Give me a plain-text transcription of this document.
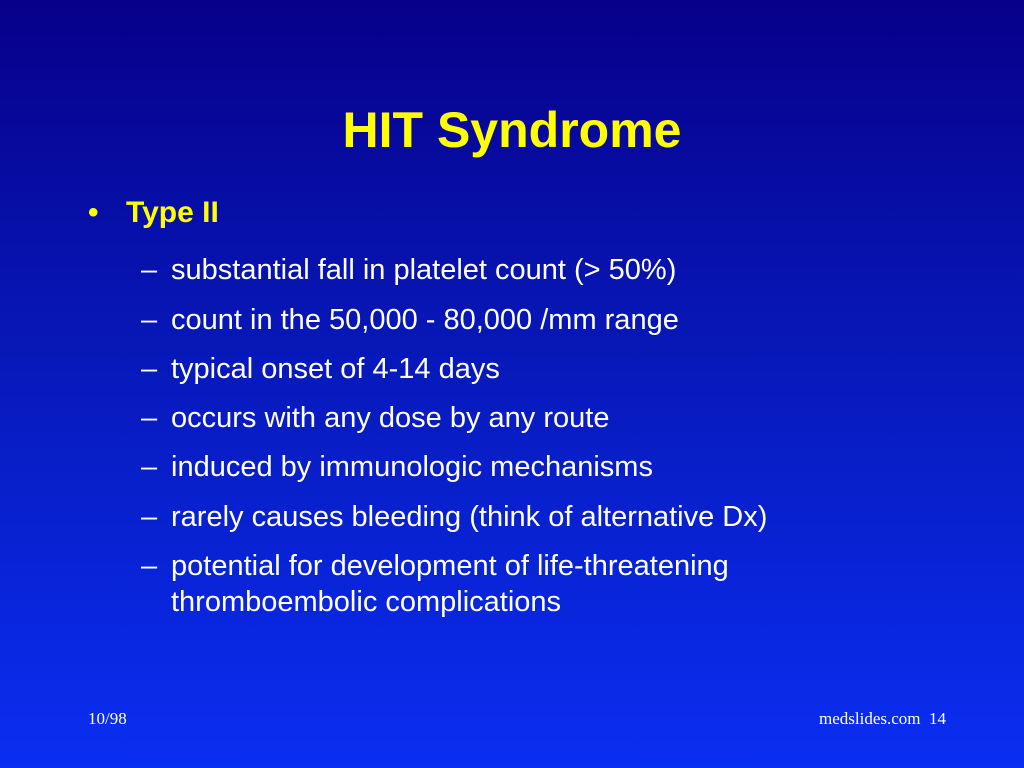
HIT Syndrome
• Type II
– substantial fall in platelet count (> 50%)
– count in the 50,000 - 80,000 /mm range
– typical onset of 4-14 days
– occurs with any dose by any route
– induced by immunologic mechanisms
– rarely causes bleeding (think of alternative Dx)
– potential for development of life-threatening thromboembolic complications
10/98	medslides.com 14
